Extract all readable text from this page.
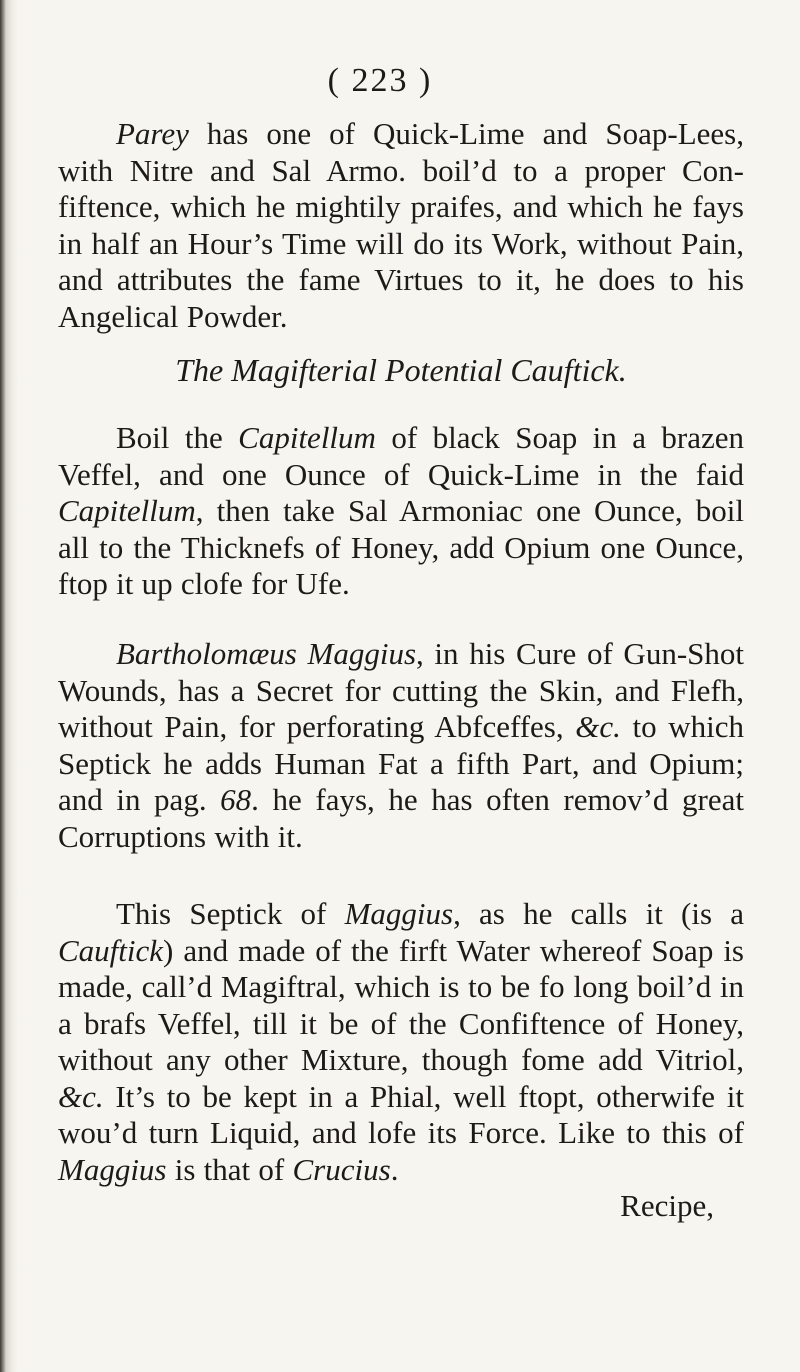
( 223 )
Parey has one of Quick-Lime and Soap-Lees, with Nitre and Sal Armo. boil’d to a proper Confiftence, which he mightily praifes, and which he fays in half an Hour’s Time will do its Work, without Pain, and attributes the fame Virtues to it, he does to his Angelical Powder.
The Magifterial Potential Cauftick.
Boil the Capitellum of black Soap in a brazen Veffel, and one Ounce of Quick-Lime in the faid Capitellum, then take Sal Armoniac one Ounce, boil all to the Thicknefs of Honey, add Opium one Ounce, ftop it up clofe for Ufe.
Bartholomæus Maggius, in his Cure of Gun-Shot Wounds, has a Secret for cutting the Skin, and Flefh, without Pain, for perforating Abfceffes, &c. to which Septick he adds Human Fat a fifth Part, and Opium; and in pag. 68. he fays, he has often remov’d great Corruptions with it.
This Septick of Maggius, as he calls it (is a Cauftick) and made of the firft Water whereof Soap is made, call’d Magiftral, which is to be fo long boil’d in a brafs Veffel, till it be of the Confiftence of Honey, without any other Mixture, though fome add Vitriol, &c. It’s to be kept in a Phial, well ftopt, otherwife it wou’d turn Liquid, and lofe its Force. Like to this of Maggius is that of Crucius.
Recipe,
